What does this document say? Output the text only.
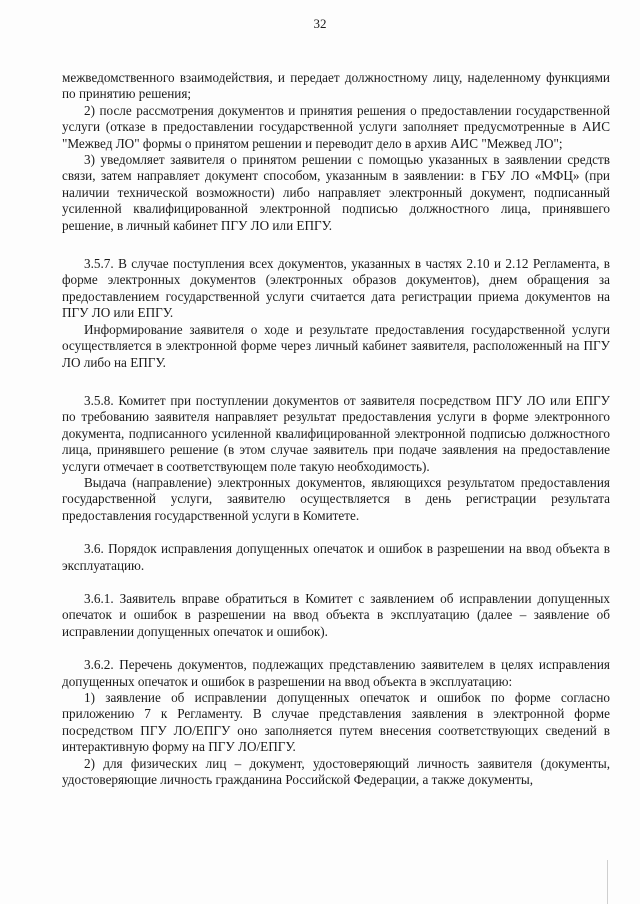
32

межведомственного взаимодействия, и передает должностному лицу, наделенному функциями по принятию решения;

2) после рассмотрения документов и принятия решения о предоставлении государственной услуги (отказе в предоставлении государственной услуги заполняет предусмотренные в АИС "Межвед ЛО" формы о принятом решении и переводит дело в архив АИС "Межвед ЛО";

3) уведомляет заявителя о принятом решении с помощью указанных в заявлении средств связи, затем направляет документ способом, указанным в заявлении: в ГБУ ЛО «МФЦ» (при наличии технической возможности) либо направляет электронный документ, подписанный усиленной квалифицированной электронной подписью должностного лица, принявшего решение, в личный кабинет ПГУ ЛО или ЕПГУ.

3.5.7. В случае поступления всех документов, указанных в частях 2.10 и 2.12 Регламента, в форме электронных документов (электронных образов документов), днем обращения за предоставлением государственной услуги считается дата регистрации приема документов на ПГУ ЛО или ЕПГУ.

Информирование заявителя о ходе и результате предоставления государственной услуги осуществляется в электронной форме через личный кабинет заявителя, расположенный на ПГУ ЛО либо на ЕПГУ.

3.5.8. Комитет при поступлении документов от заявителя посредством ПГУ ЛО или ЕПГУ по требованию заявителя направляет результат предоставления услуги в форме электронного документа, подписанного усиленной квалифицированной электронной подписью должностного лица, принявшего решение (в этом случае заявитель при подаче заявления на предоставление услуги отмечает в соответствующем поле такую необходимость).

Выдача (направление) электронных документов, являющихся результатом предоставления государственной услуги, заявителю осуществляется в день регистрации результата предоставления государственной услуги в Комитете.

3.6. Порядок исправления допущенных опечаток и ошибок в разрешении на ввод объекта в эксплуатацию.

3.6.1. Заявитель вправе обратиться в Комитет с заявлением об исправлении допущенных опечаток и ошибок в разрешении на ввод объекта в эксплуатацию (далее – заявление об исправлении допущенных опечаток и ошибок).

3.6.2. Перечень документов, подлежащих представлению заявителем в целях исправления допущенных опечаток и ошибок в разрешении на ввод объекта в эксплуатацию:

1) заявление об исправлении допущенных опечаток и ошибок по форме согласно приложению 7 к Регламенту. В случае представления заявления в электронной форме посредством ПГУ ЛО/ЕПГУ оно заполняется путем внесения соответствующих сведений в интерактивную форму на ПГУ ЛО/ЕПГУ.

2) для физических лиц – документ, удостоверяющий личность заявителя (документы, удостоверяющие личность гражданина Российской Федерации, а также документы,
